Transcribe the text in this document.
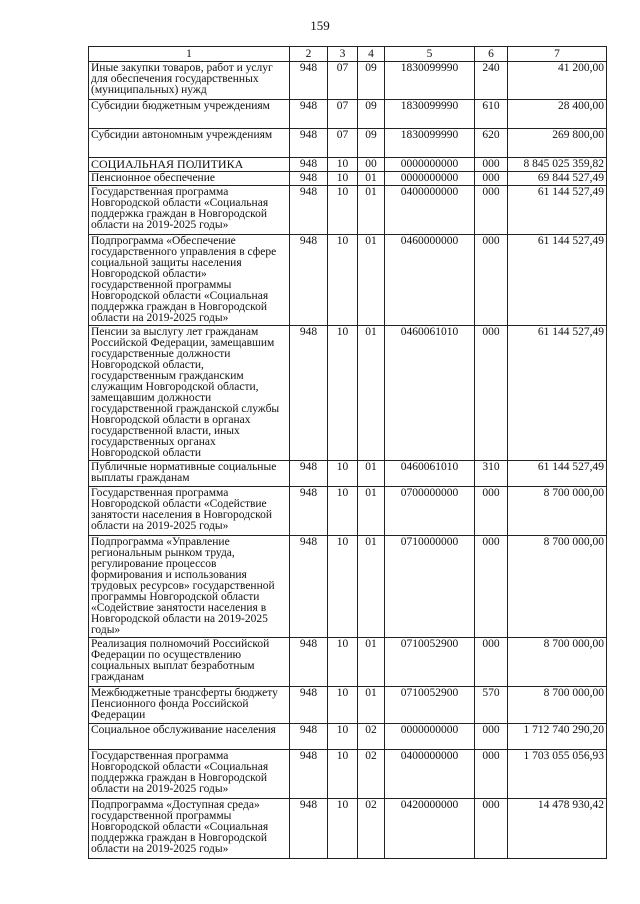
159
1	2	3	4	5	6	7
Иные закупки товаров, работ и услуг для обеспечения государственных (муниципальных) нужд	948	07	09	1830099990	240	41 200,00
Субсидии бюджетным учреждениям	948	07	09	1830099990	610	28 400,00
Субсидии автономным учреждениям	948	07	09	1830099990	620	269 800,00
СОЦИАЛЬНАЯ ПОЛИТИКА	948	10	00	0000000000	000	8 845 025 359,82
Пенсионное обеспечение	948	10	01	0000000000	000	69 844 527,49
Государственная программа Новгородской области «Социальная поддержка граждан в Новгородской области на 2019-2025 годы»	948	10	01	0400000000	000	61 144 527,49
Подпрограмма «Обеспечение государственного управления в сфере социальной защиты населения Новгородской области» государственной программы Новгородской области «Социальная поддержка граждан в Новгородской области на 2019-2025 годы»	948	10	01	0460000000	000	61 144 527,49
Пенсии за выслугу лет гражданам Российской Федерации, замещавшим государственные должности Новгородской области, государственным гражданским служащим Новгородской области, замещавшим должности государственной гражданской службы Новгородской области в органах государственной власти, иных государственных органах Новгородской области	948	10	01	0460061010	000	61 144 527,49
Публичные нормативные социальные выплаты гражданам	948	10	01	0460061010	310	61 144 527,49
Государственная программа Новгородской области «Содействие занятости населения в Новгородской области на 2019-2025 годы»	948	10	01	0700000000	000	8 700 000,00
Подпрограмма «Управление региональным рынком труда, регулирование процессов формирования и использования трудовых ресурсов» государственной программы Новгородской области «Содействие занятости населения в Новгородской области на 2019-2025 годы»	948	10	01	0710000000	000	8 700 000,00
Реализация полномочий Российской Федерации по осуществлению социальных выплат безработным гражданам	948	10	01	0710052900	000	8 700 000,00
Межбюджетные трансферты бюджету Пенсионного фонда Российской Федерации	948	10	01	0710052900	570	8 700 000,00
Социальное обслуживание населения	948	10	02	0000000000	000	1 712 740 290,20
Государственная программа Новгородской области «Социальная поддержка граждан в Новгородской области на 2019-2025 годы»	948	10	02	0400000000	000	1 703 055 056,93
Подпрограмма «Доступная среда» государственной программы Новгородской области «Социальная поддержка граждан в Новгородской области на 2019-2025 годы»	948	10	02	0420000000	000	14 478 930,42
